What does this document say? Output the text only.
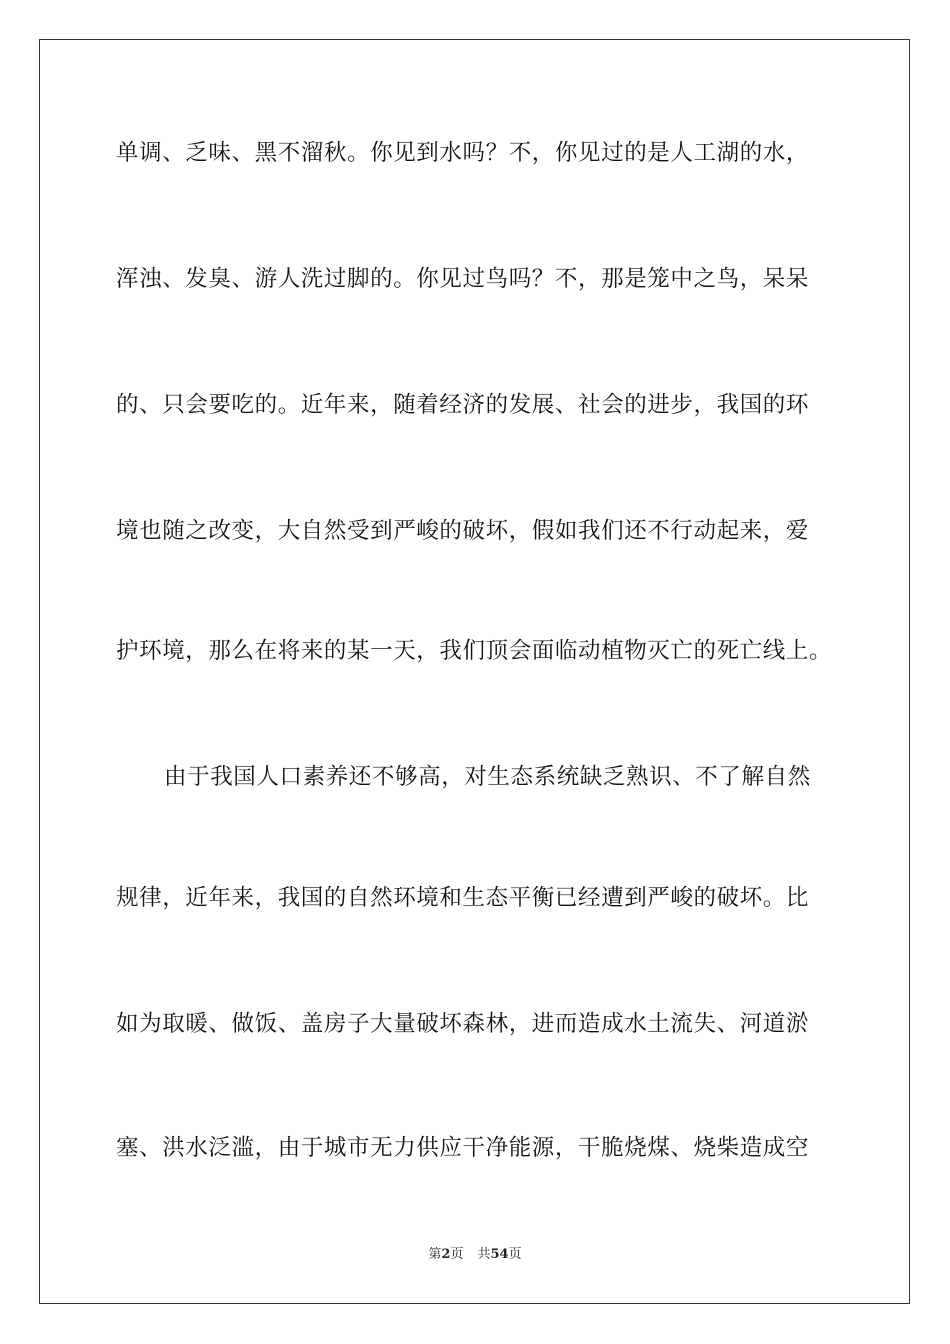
单调、乏味、黑不溜秋。你见到水吗？不，你见过的是人工湖的水，
浑浊、发臭、游人洗过脚的。你见过鸟吗？不，那是笼中之鸟，呆呆
的、只会要吃的。近年来，随着经济的发展、社会的进步，我国的环
境也随之改变，大自然受到严峻的破坏，假如我们还不行动起来，爱
护环境，那么在将来的某一天，我们顶会面临动植物灭亡的死亡线上。
由于我国人口素养还不够高，对生态系统缺乏熟识、不了解自然
规律，近年来，我国的自然环境和生态平衡已经遭到严峻的破坏。比
如为取暖、做饭、盖房子大量破坏森林，进而造成水土流失、河道淤
塞、洪水泛滥，由于城市无力供应干净能源，干脆烧煤、烧柴造成空
第2页 共54页
